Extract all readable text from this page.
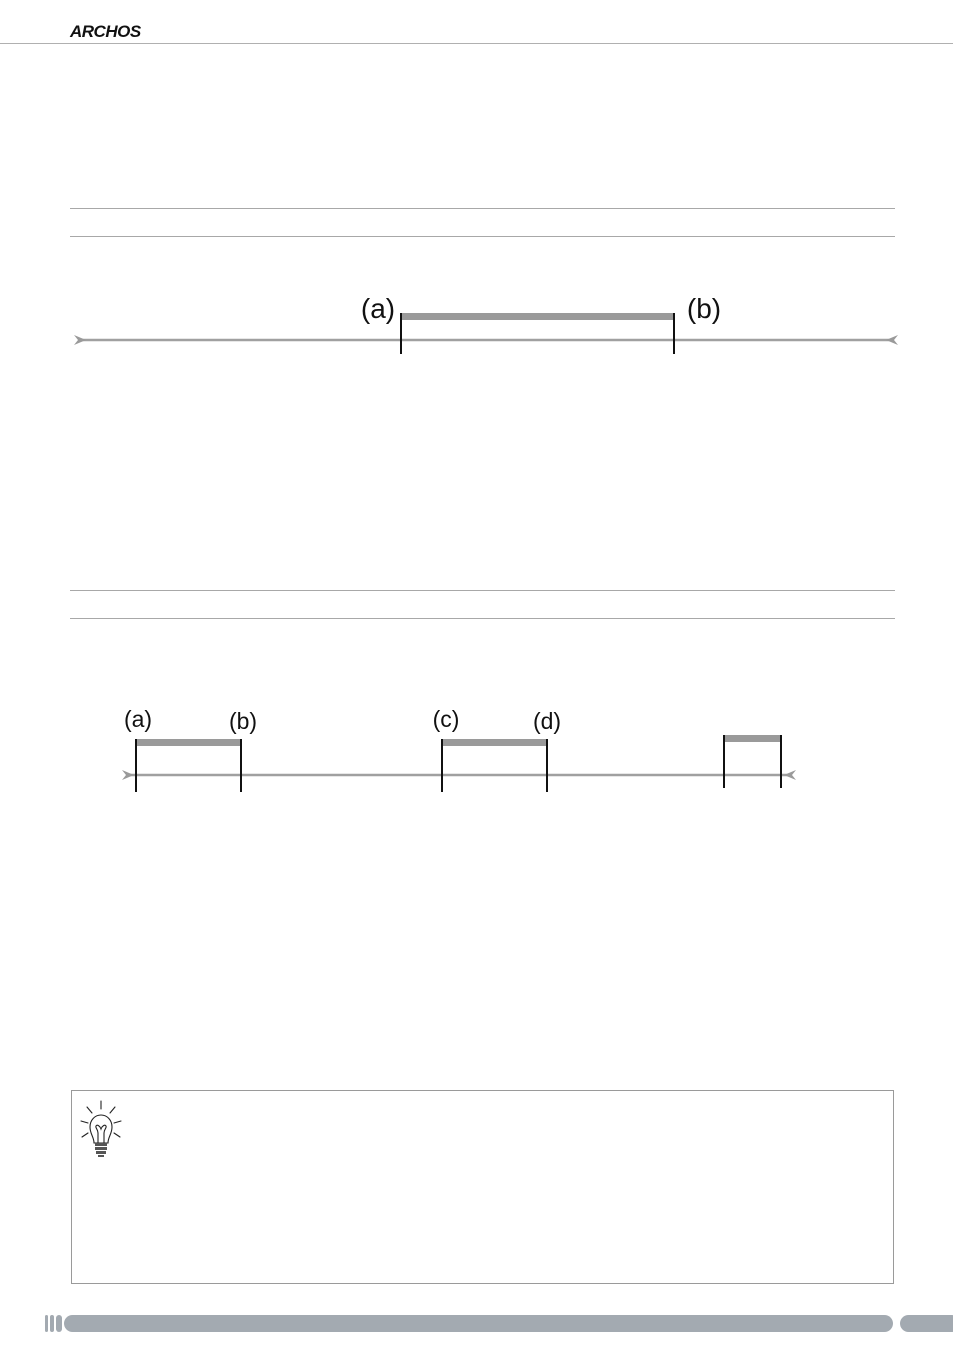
ARCHOS
(a)	(b)
(a)	(b)	(c)	(d)
